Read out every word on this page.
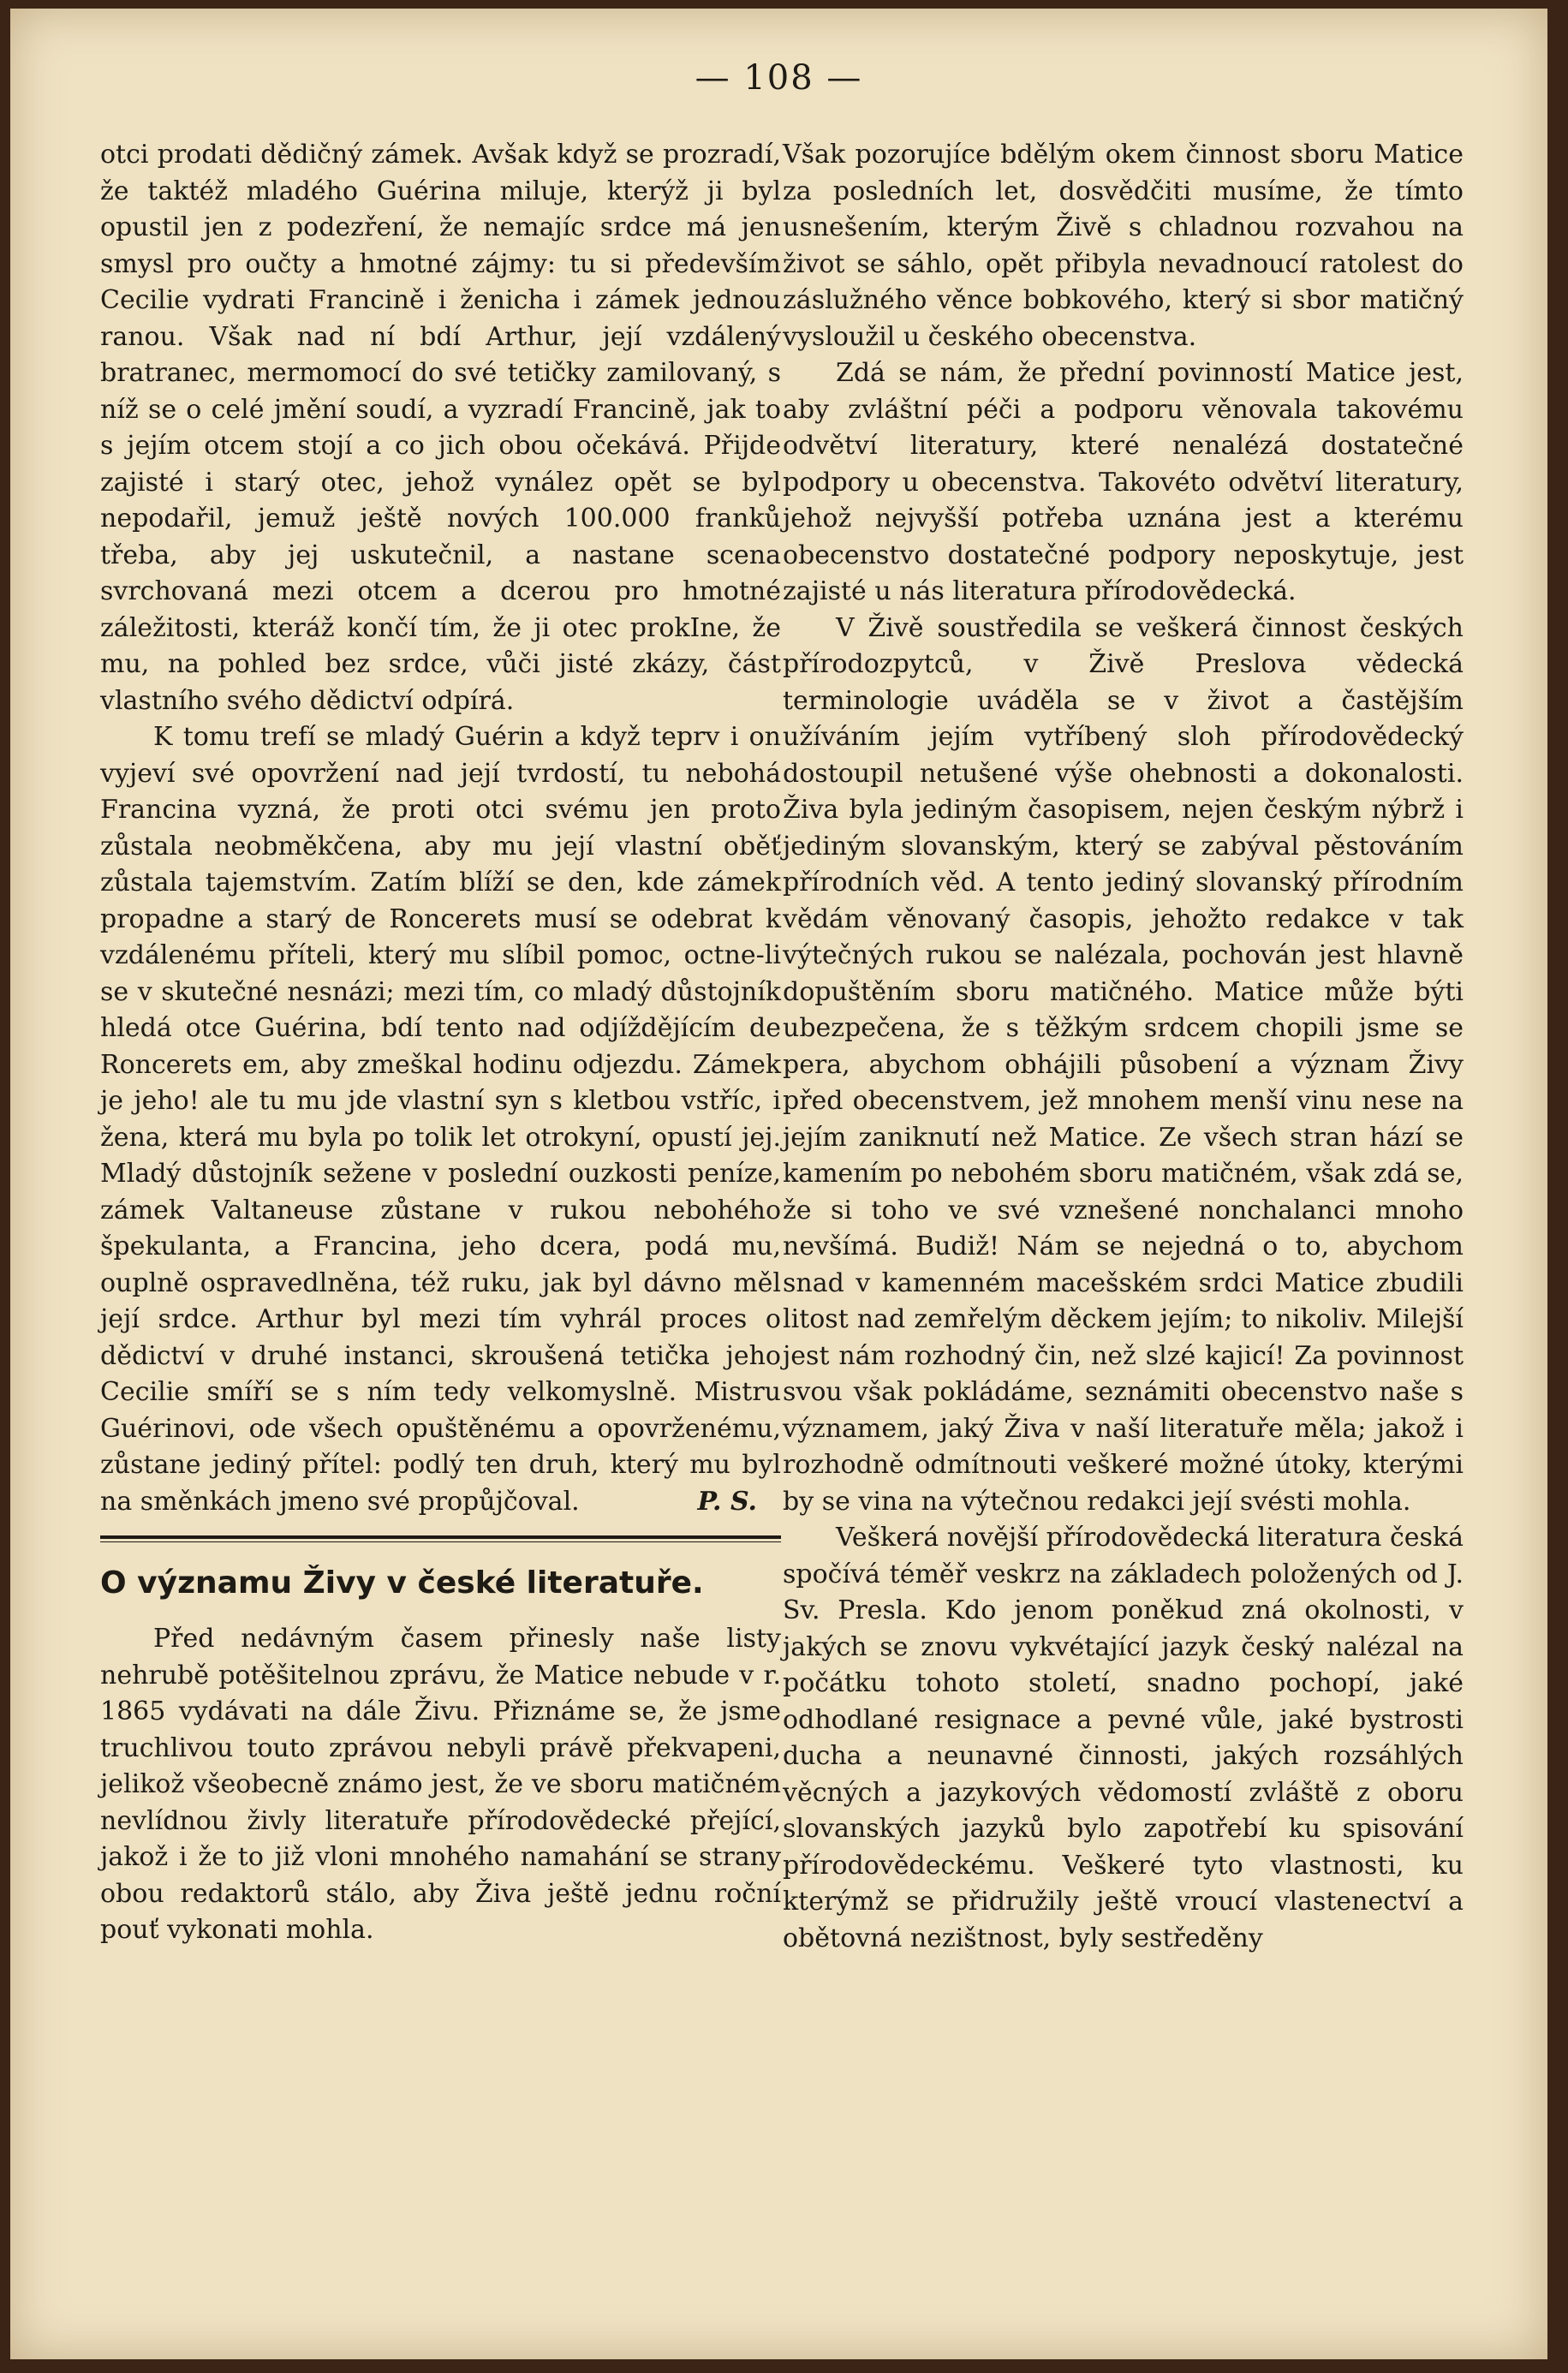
— 108 —

otci prodati dědičný zámek. Avšak když se prozradí, že taktéž mladého Guérina miluje, kterýž ji byl opustil jen z podezření, že nemajíc srdce má jen smysl pro oučty a hmotné zájmy: tu si především Cecilie vydrati Francině i ženicha i zámek jednou ranou. Však nad ní bdí Arthur, její vzdálený bratranec, mermomocí do své tetičky zamilovaný, s níž se o celé jmění soudí, a vyzradí Francině, jak to s jejím otcem stojí a co jich obou očekává. Přijde zajisté i starý otec, jehož vynález opět se byl nepodařil, jemuž ještě nových 100.000 franků třeba, aby jej uskutečnil, a nastane scena svrchovaná mezi otcem a dcerou pro hmotné záležitosti, kteráž končí tím, že ji otec prokIne, že mu, na pohled bez srdce, vůči jisté zkázy, část vlastního svého dědictví odpírá.

K tomu trefí se mladý Guérin a když teprv i on vyjeví své opovržení nad její tvrdostí, tu nebohá Francina vyzná, že proti otci svému jen proto zůstala neobměkčena, aby mu její vlastní oběť zůstala tajemstvím. Zatím blíží se den, kde zámek propadne a starý de Roncerets musí se odebrat k vzdálenému příteli, který mu slíbil pomoc, octne-li se v skutečné nesnázi; mezi tím, co mladý důstojník hledá otce Guérina, bdí tento nad odjíždějícím de Roncerets em, aby zmeškal hodinu odjezdu. Zámek je jeho! ale tu mu jde vlastní syn s kletbou vstříc, i žena, která mu byla po tolik let otrokyní, opustí jej. Mladý důstojník sežene v poslední ouzkosti peníze, zámek Valtaneuse zůstane v rukou nebohého špekulanta, a Francina, jeho dcera, podá mu, ouplně ospravedlněna, též ruku, jak byl dávno měl její srdce. Arthur byl mezi tím vyhrál proces o dědictví v druhé instanci, skroušená tetička jeho Cecilie smíří se s ním tedy velkomyslně. Mistru Guérinovi, ode všech opuštěnému a opovrženému, zůstane jediný přítel: podlý ten druh, který mu byl na směnkách jmeno své propůjčoval.	P. S.

O významu Živy v české literatuře.

Před nedávným časem přinesly naše listy nehrubě potěšitelnou zprávu, že Matice nebude v r. 1865 vydávati na dále Živu. Přiznáme se, že jsme truchlivou touto zprávou nebyli právě překvapeni, jelikož všeobecně známo jest, že ve sboru matičném nevlídnou živly literatuře přírodovědecké přející, jakož i že to již vloni mnohého namahání se strany obou redaktorů stálo, aby Živa ještě jednu roční pouť vykonati mohla.

Však pozorujíce bdělým okem činnost sboru Matice za posledních let, dosvědčiti musíme, že tímto usnešením, kterým Živě s chladnou rozvahou na život se sáhlo, opět přibyla nevadnoucí ratolest do záslužného věnce bobkového, který si sbor matičný vysloužil u českého obecenstva.

Zdá se nám, že přední povinností Matice jest, aby zvláštní péči a podporu věnovala takovému odvětví literatury, které nenalézá dostatečné podpory u obecenstva. Takovéto odvětví literatury, jehož nejvyšší potřeba uznána jest a kterému obecenstvo dostatečné podpory neposkytuje, jest zajisté u nás literatura přírodovědecká.

V Živě soustředila se veškerá činnost českých přírodozpytců, v Živě Preslova vědecká terminologie uváděla se v život a častějším užíváním jejím vytříbený sloh přírodovědecký dostoupil netušené výše ohebnosti a dokonalosti. Živa byla jediným časopisem, nejen českým nýbrž i jediným slovanským, který se zabýval pěstováním přírodních věd. A tento jediný slovanský přírodním vědám věnovaný časopis, jehožto redakce v tak výtečných rukou se nalézala, pochován jest hlavně dopuštěním sboru matičného. Matice může býti ubezpečena, že s těžkým srdcem chopili jsme se pera, abychom obhájili působení a význam Živy před obecenstvem, jež mnohem menší vinu nese na jejím zaniknutí než Matice. Ze všech stran hází se kamením po nebohém sboru matičném, však zdá se, že si toho ve své vznešené nonchalanci mnoho nevšímá. Budiž! Nám se nejedná o to, abychom snad v kamenném macešském srdci Matice zbudili litost nad zemřelým děckem jejím; to nikoliv. Milejší jest nám rozhodný čin, než slzé kajicí! Za povinnost svou však pokládáme, seznámiti obecenstvo naše s významem, jaký Živa v naší literatuře měla; jakož i rozhodně odmítnouti veškeré možné útoky, kterými by se vina na výtečnou redakci její svésti mohla.

Veškerá novější přírodovědecká literatura česká spočívá téměř veskrz na základech položených od J. Sv. Presla. Kdo jenom poněkud zná okolnosti, v jakých se znovu vykvétající jazyk český nalézal na počátku tohoto století, snadno pochopí, jaké odhodlané resignace a pevné vůle, jaké bystrosti ducha a neunavné činnosti, jakých rozsáhlých věcných a jazykových vědomostí zvláště z oboru slovanských jazyků bylo zapotřebí ku spisování přírodovědeckému. Veškeré tyto vlastnosti, ku kterýmž se přidružily ještě vroucí vlastenectví a obětovná nezištnost, byly sestředěny
